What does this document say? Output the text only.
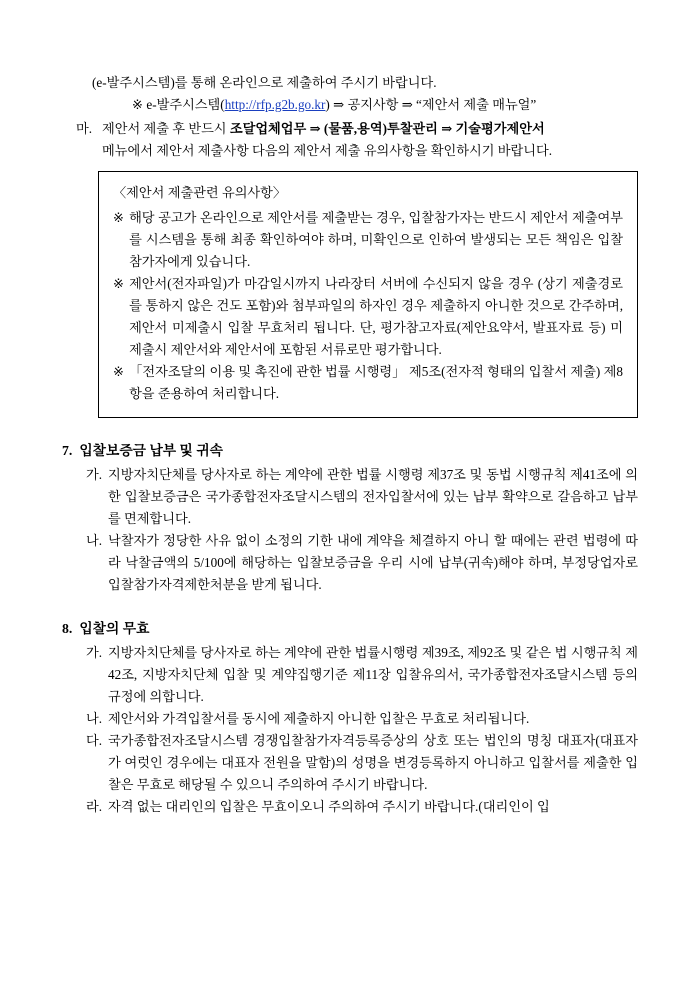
(e-발주시스템)를 통해 온라인으로 제출하여 주시기 바랍니다.
※ e-발주시스템(http://rfp.g2b.go.kr) ⇒ 공지사항 ⇒ “제안서 제출 매뉴얼”
마. 제안서 제출 후 반드시 조달업체업무 ⇒ (물품,용역)투찰관리 ⇒ 기술평가제안서
메뉴에서 제안서 제출사항 다음의 제안서 제출 유의사항을 확인하시기 바랍니다.
〈제안서 제출관련 유의사항〉
※ 해당 공고가 온라인으로 제안서를 제출받는 경우, 입찰참가자는 반드시 제안서 제출여부를 시스템을 통해 최종 확인하여야 하며, 미확인으로 인하여 발생되는 모든 책임은 입찰참가자에게 있습니다.
※ 제안서(전자파일)가 마감일시까지 나라장터 서버에 수신되지 않을 경우 (상기 제출경로를 통하지 않은 건도 포함)와 첨부파일의 하자인 경우 제출하지 아니한 것으로 간주하며, 제안서 미제출시 입찰 무효처리 됩니다. 단, 평가참고자료(제안요약서, 발표자료 등) 미제출시 제안서와 제안서에 포함된 서류로만 평가합니다.
※ 「전자조달의 이용 및 촉진에 관한 법률 시행령」 제5조(전자적 형태의 입찰서 제출) 제8항을 준용하여 처리합니다.
7. 입찰보증금 납부 및 귀속
가. 지방자치단체를 당사자로 하는 계약에 관한 법률 시행령 제37조 및 동법 시행규칙 제41조에 의한 입찰보증금은 국가종합전자조달시스템의 전자입찰서에 있는 납부 확약으로 갈음하고 납부를 면제합니다.
나. 낙찰자가 정당한 사유 없이 소정의 기한 내에 계약을 체결하지 아니 할 때에는 관련 법령에 따라 낙찰금액의 5/100에 해당하는 입찰보증금을 우리 시에 납부(귀속)해야 하며, 부정당업자로 입찰참가자격제한처분을 받게 됩니다.
8. 입찰의 무효
가. 지방자치단체를 당사자로 하는 계약에 관한 법률시행령 제39조, 제92조 및 같은 법 시행규칙 제42조, 지방자치단체 입찰 및 계약집행기준 제11장 입찰유의서, 국가종합전자조달시스템 등의 규정에 의합니다.
나. 제안서와 가격입찰서를 동시에 제출하지 아니한 입찰은 무효로 처리됩니다.
다. 국가종합전자조달시스템 경쟁입찰참가자격등록증상의 상호 또는 법인의 명칭 대표자(대표자가 여럿인 경우에는 대표자 전원을 말함)의 성명을 변경등록하지 아니하고 입찰서를 제출한 입찰은 무효로 해당될 수 있으니 주의하여 주시기 바랍니다.
라. 자격 없는 대리인의 입찰은 무효이오니 주의하여 주시기 바랍니다.(대리인이 입
